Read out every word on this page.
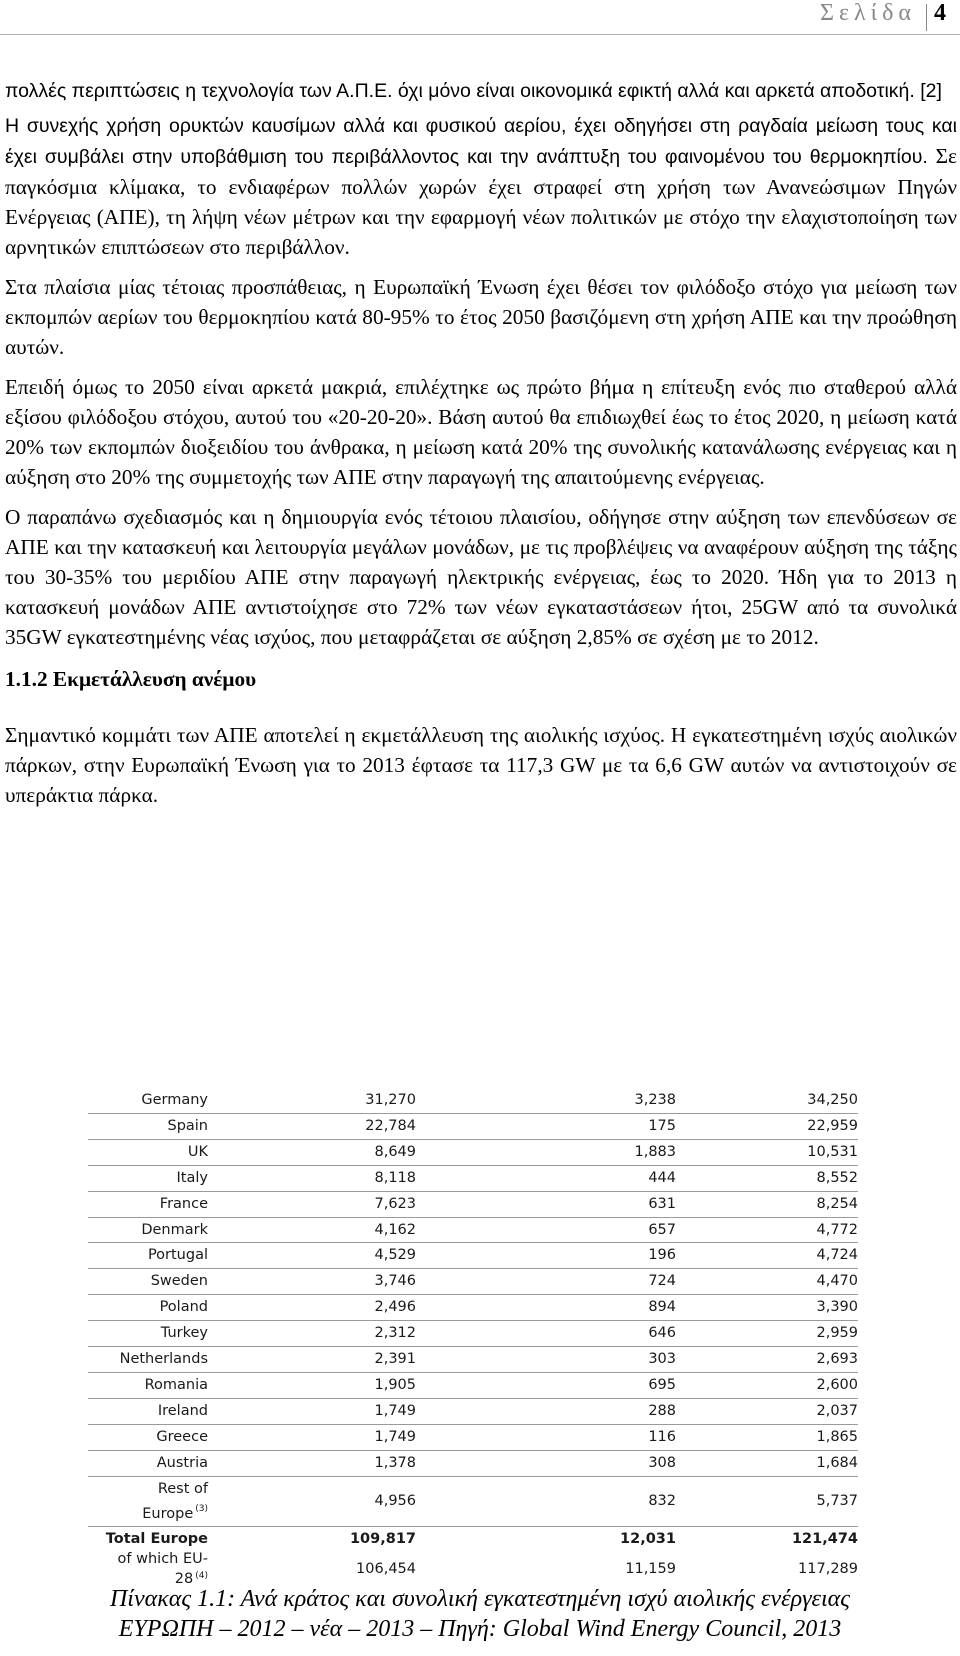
Σελίδα 4

πολλές περιπτώσεις η τεχνολογία των Α.Π.Ε. όχι μόνο είναι οικονομικά εφικτή αλλά και αρκετά αποδοτική. [2]

Η συνεχής χρήση ορυκτών καυσίμων αλλά και φυσικού αερίου, έχει οδηγήσει στη ραγδαία μείωση τους και έχει συμβάλει στην υποβάθμιση του περιβάλλοντος και την ανάπτυξη του φαινομένου του θερμοκηπίου. Σε παγκόσμια κλίμακα, το ενδιαφέρων πολλών χωρών έχει στραφεί στη χρήση των Ανανεώσιμων Πηγών Ενέργειας (ΑΠΕ), τη λήψη νέων μέτρων και την εφαρμογή νέων πολιτικών με στόχο την ελαχιστοποίηση των αρνητικών επιπτώσεων στο περιβάλλον.

Στα πλαίσια μίας τέτοιας προσπάθειας, η Ευρωπαϊκή Ένωση έχει θέσει τον φιλόδοξο στόχο για μείωση των εκπομπών αερίων του θερμοκηπίου κατά 80-95% το έτος 2050 βασιζόμενη στη χρήση ΑΠΕ και την προώθηση αυτών.

Επειδή όμως το 2050 είναι αρκετά μακριά, επιλέχτηκε ως πρώτο βήμα η επίτευξη ενός πιο σταθερού αλλά εξίσου φιλόδοξου στόχου, αυτού του «20-20-20». Βάση αυτού θα επιδιωχθεί έως το έτος 2020, η μείωση κατά 20% των εκπομπών διοξειδίου του άνθρακα, η μείωση κατά 20% της συνολικής κατανάλωσης ενέργειας και η αύξηση στο 20% της συμμετοχής των ΑΠΕ στην παραγωγή της απαιτούμενης ενέργειας.

Ο παραπάνω σχεδιασμός και η δημιουργία ενός τέτοιου πλαισίου, οδήγησε στην αύξηση των επενδύσεων σε ΑΠΕ και την κατασκευή και λειτουργία μεγάλων μονάδων, με τις προβλέψεις να αναφέρουν αύξηση της τάξης του 30-35% του μεριδίου ΑΠΕ στην παραγωγή ηλεκτρικής ενέργειας, έως το 2020. Ήδη για το 2013 η κατασκευή μονάδων ΑΠΕ αντιστοίχησε στο 72% των νέων εγκαταστάσεων ήτοι, 25GW από τα συνολικά 35GW εγκατεστημένης νέας ισχύος, που μεταφράζεται σε αύξηση 2,85% σε σχέση με το 2012.

1.1.2 Εκμετάλλευση ανέμου

Σημαντικό κομμάτι των ΑΠΕ αποτελεί η εκμετάλλευση της αιολικής ισχύος. Η εγκατεστημένη ισχύς αιολικών πάρκων, στην Ευρωπαϊκή Ένωση για το 2013 έφτασε τα 117,3 GW με τα 6,6 GW αυτών να αντιστοιχούν σε υπεράκτια πάρκα.

Germany	31,270	3,238	34,250
Spain	22,784	175	22,959
UK	8,649	1,883	10,531
Italy	8,118	444	8,552
France	7,623	631	8,254
Denmark	4,162	657	4,772
Portugal	4,529	196	4,724
Sweden	3,746	724	4,470
Poland	2,496	894	3,390
Turkey	2,312	646	2,959
Netherlands	2,391	303	2,693
Romania	1,905	695	2,600
Ireland	1,749	288	2,037
Greece	1,749	116	1,865
Austria	1,378	308	1,684
Rest of Europe $^{(3)}$	4,956	832	5,737
Total Europe	109,817	12,031	121,474
of which EU-28 $^{(4)}$	106,454	11,159	117,289
Πίνακας 1.1: Ανά κράτος και συνολική εγκατεστημένη ισχύ αιολικής ενέργειας
ΕΥΡΩΠΗ – 2012 – νέα – 2013 – Πηγή: Global Wind Energy Council, 2013
